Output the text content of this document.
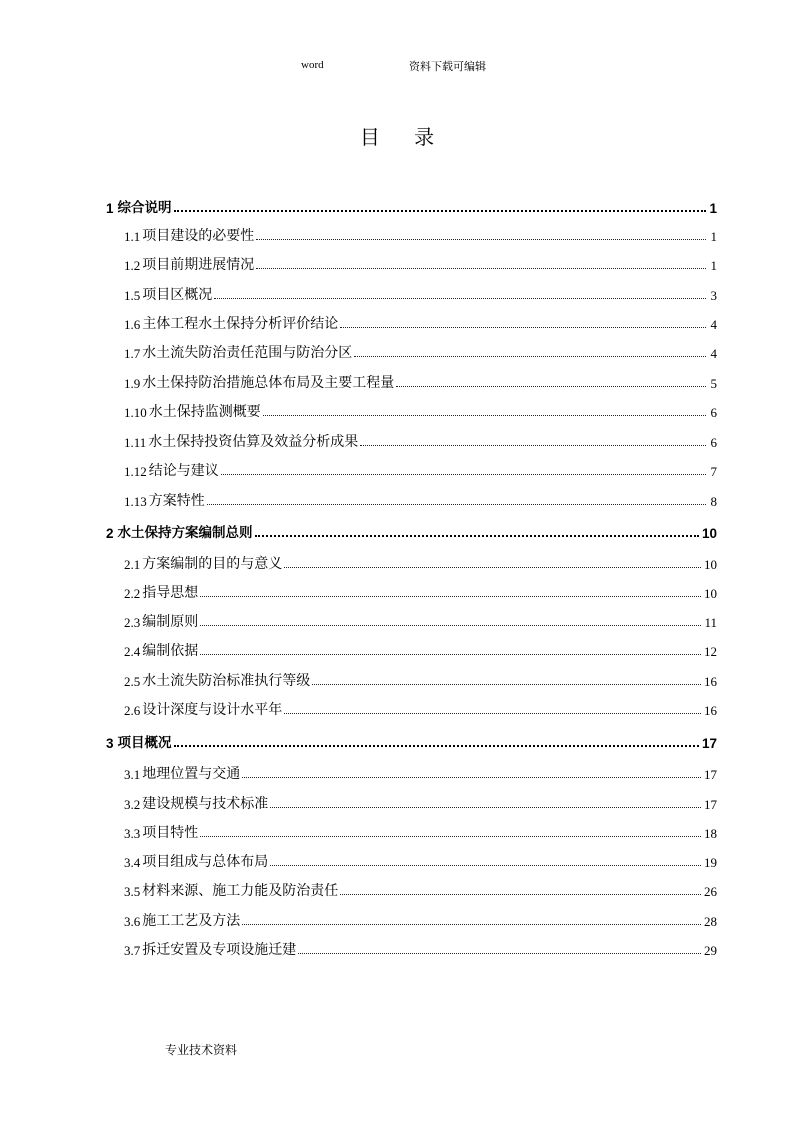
word	资料下载可编辑
目 录
1 综合说明	1
1.1 项目建设的必要性	1
1.2 项目前期进展情况	1
1.5 项目区概况	3
1.6 主体工程水土保持分析评价结论	4
1.7 水土流失防治责任范围与防治分区	4
1.9 水土保持防治措施总体布局及主要工程量	5
1.10 水土保持监测概要	6
1.11 水土保持投资估算及效益分析成果	6
1.12 结论与建议	7
1.13 方案特性	8
2 水土保持方案编制总则	10
2.1 方案编制的目的与意义	10
2.2 指导思想	10
2.3 编制原则	11
2.4 编制依据	12
2.5 水土流失防治标准执行等级	16
2.6 设计深度与设计水平年	16
3 项目概况	17
3.1 地理位置与交通	17
3.2 建设规模与技术标准	17
3.3 项目特性	18
3.4 项目组成与总体布局	19
3.5 材料来源、施工力能及防治责任	26
3.6 施工工艺及方法	28
3.7 拆迁安置及专项设施迁建	29
专业技术资料
